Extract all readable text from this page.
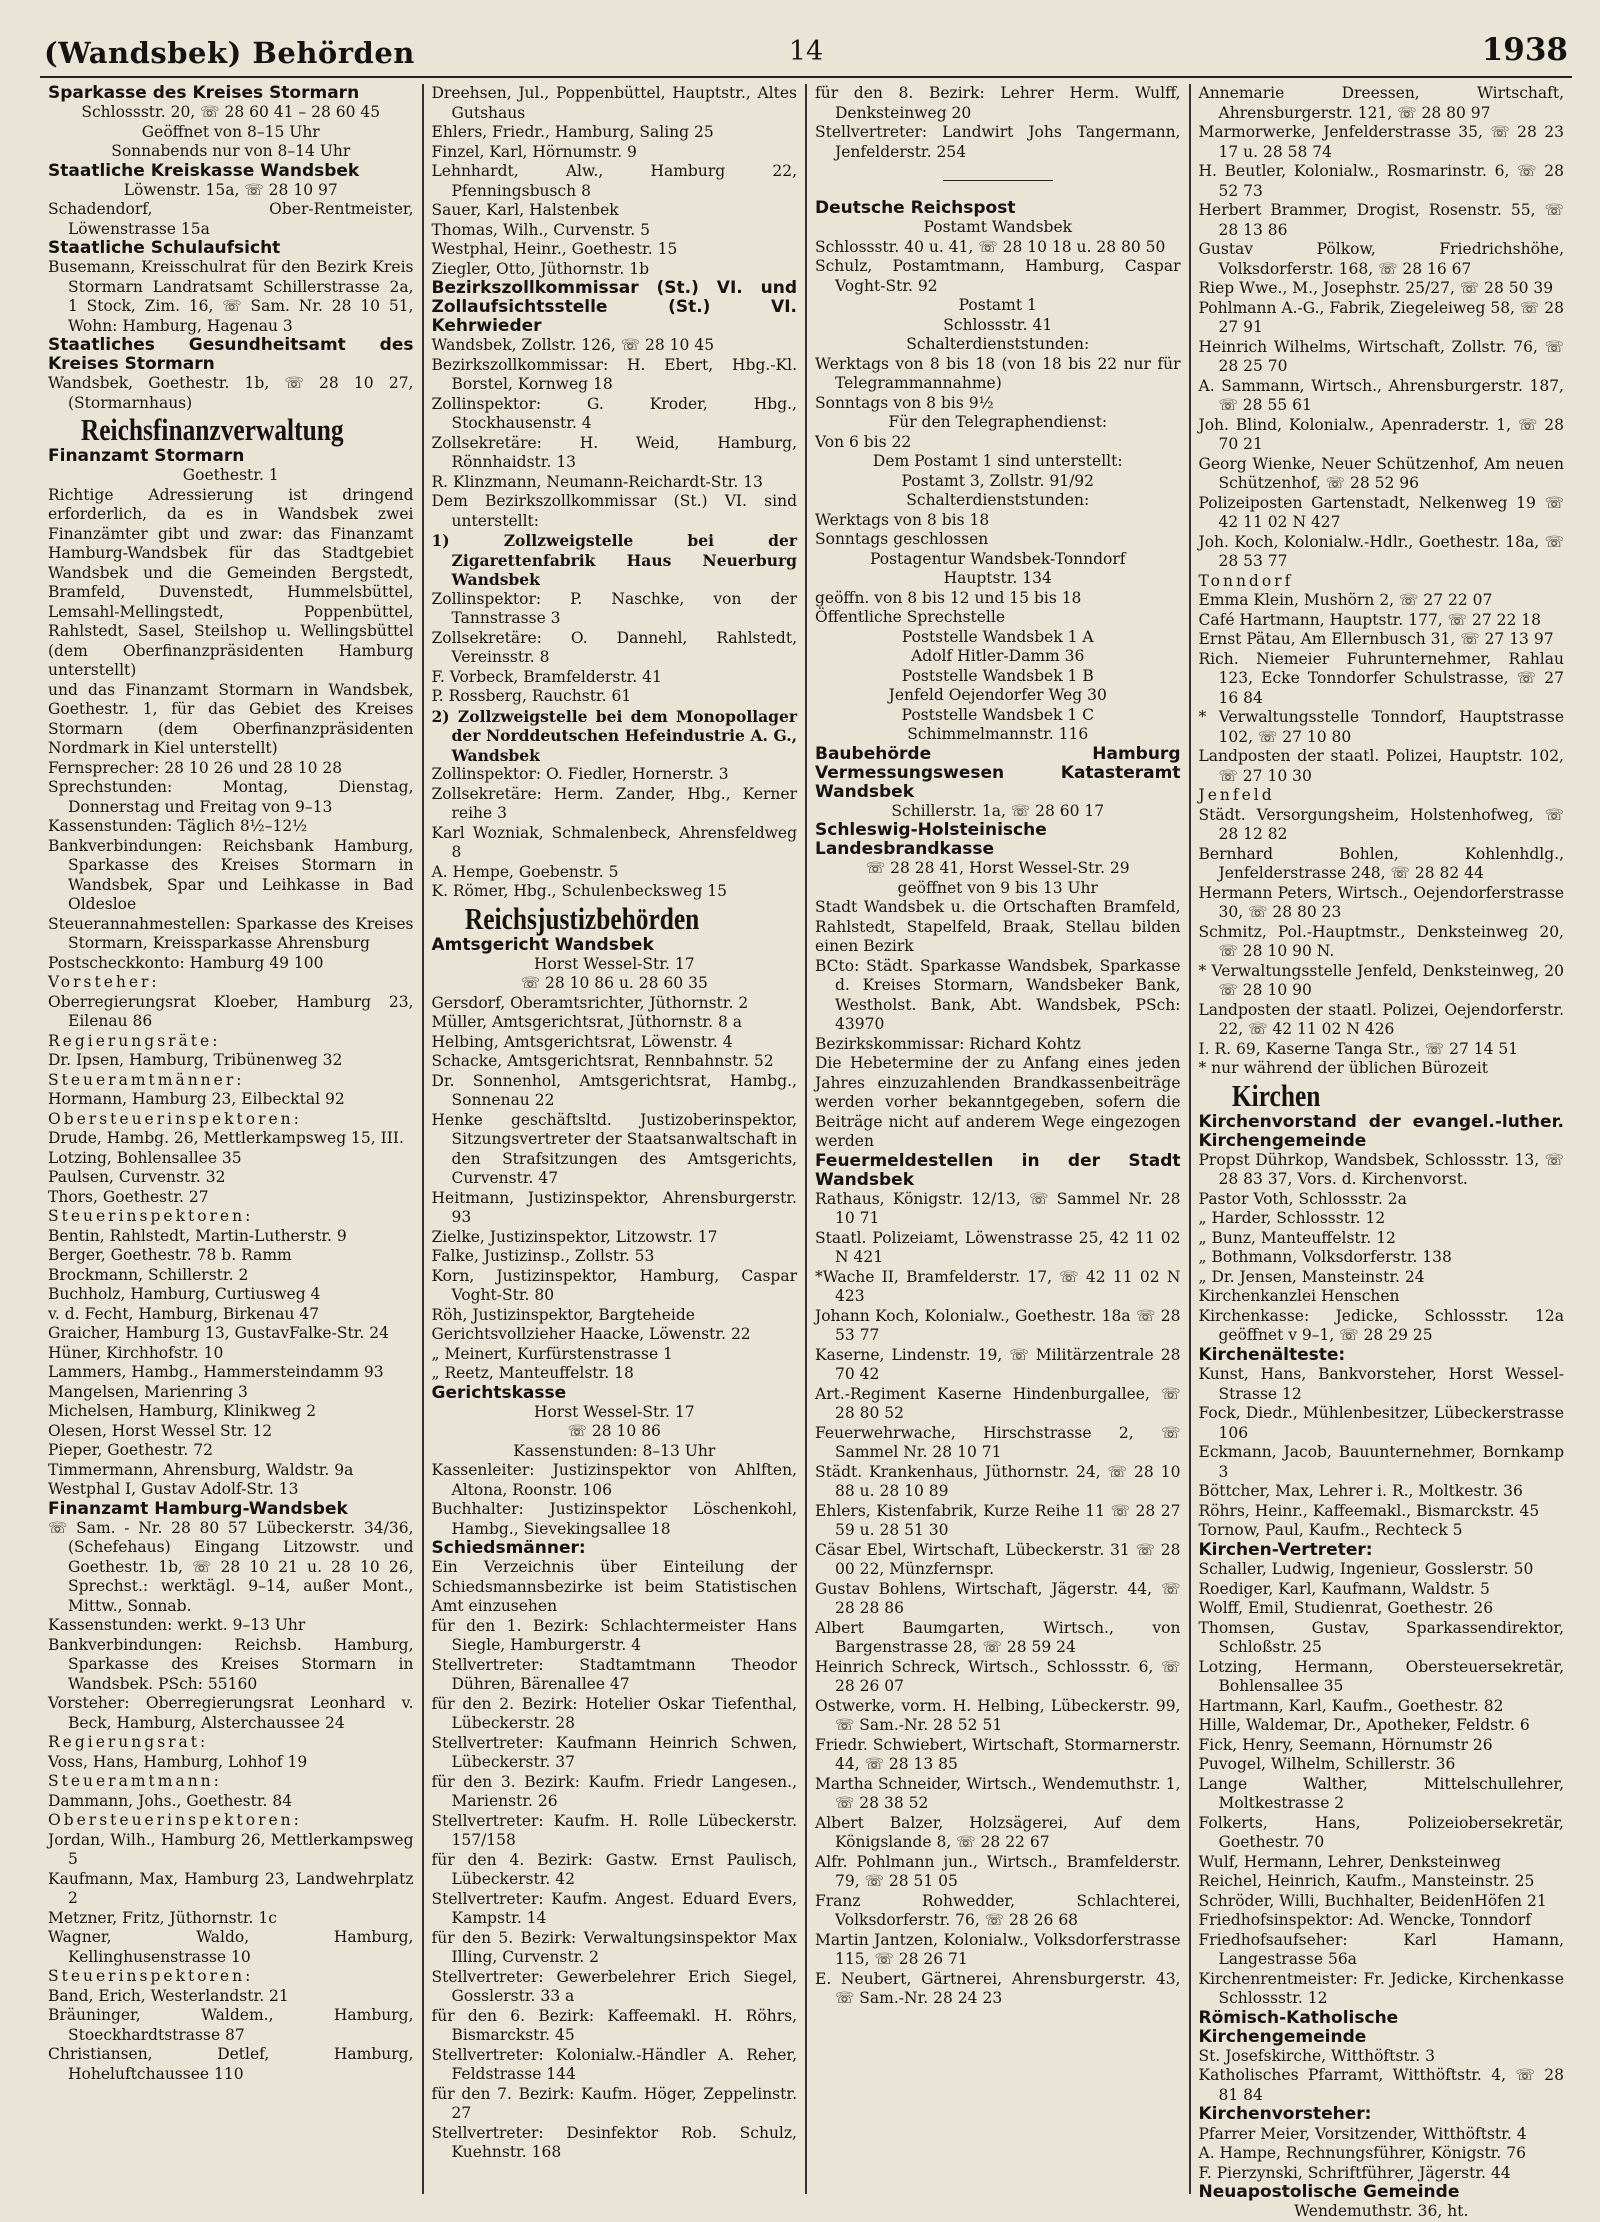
(Wandsbek) Behörden	14	1938

Sparkasse des Kreises Stormarn

Schlossstr. 20, ☏ 28 60 41 – 28 60 45

Geöffnet von 8–15 Uhr

Sonnabends nur von 8–14 Uhr

Staatliche Kreiskasse Wandsbek

Löwenstr. 15a, ☏ 28 10 97

Schadendorf, Ober-Rentmeister, Löwenstrasse 15a

Staatliche Schulaufsicht

Busemann, Kreisschulrat für den Bezirk Kreis Stormarn Landratsamt Schillerstrasse 2a, 1 Stock, Zim. 16, ☏ Sam. Nr. 28 10 51, Wohn: Hamburg, Hagenau 3

Staatliches Gesundheitsamt des Kreises Stormarn

Wandsbek, Goethestr. 1b, ☏ 28 10 27, (Stormarnhaus)

Reichsfinanzverwaltung

Finanzamt Stormarn

Goethestr. 1

Richtige Adressierung ist dringend erforderlich, da es in Wandsbek zwei Finanzämter gibt und zwar: das Finanzamt Hamburg-Wandsbek für das Stadtgebiet Wandsbek und die Gemeinden Bergstedt, Bramfeld, Duvenstedt, Hummelsbüttel, Lemsahl-Mellingstedt, Poppenbüttel, Rahlstedt, Sasel, Steilshop u. Wellingsbüttel (dem Oberfinanzpräsidenten Hamburg unterstellt)

und das Finanzamt Stormarn in Wandsbek, Goethestr. 1, für das Gebiet des Kreises Stormarn (dem Oberfinanzpräsidenten Nordmark in Kiel unterstellt)

Fernsprecher: 28 10 26 und 28 10 28

Sprechstunden: Montag, Dienstag, Donnerstag und Freitag von 9–13

Kassenstunden: Täglich 8½–12½

Bankverbindungen: Reichsbank Hamburg, Sparkasse des Kreises Stormarn in Wandsbek, Spar und Leihkasse in Bad Oldesloe

Steuerannahmestellen: Sparkasse des Kreises Stormarn, Kreissparkasse Ahrensburg

Postscheckkonto: Hamburg 49 100

Vorsteher:

Oberregierungsrat Kloeber, Hamburg 23, Eilenau 86

Regierungsräte:

Dr. Ipsen, Hamburg, Tribünenweg 32

Steueramtmänner:

Hormann, Hamburg 23, Eilbecktal 92

Obersteuerinspektoren:

Drude, Hambg. 26, Mettlerkampsweg 15, III.

Lotzing, Bohlensallee 35

Paulsen, Curvenstr. 32

Thors, Goethestr. 27

Steuerinspektoren:

Bentin, Rahlstedt, Martin-Lutherstr. 9

Berger, Goethestr. 78 b. Ramm

Brockmann, Schillerstr. 2

Buchholz, Hamburg, Curtiusweg 4

v. d. Fecht, Hamburg, Birkenau 47

Graicher, Hamburg 13, GustavFalke-Str. 24

Hüner, Kirchhofstr. 10

Lammers, Hambg., Hammersteindamm 93

Mangelsen, Marienring 3

Michelsen, Hamburg, Klinikweg 2

Olesen, Horst Wessel Str. 12

Pieper, Goethestr. 72

Timmermann, Ahrensburg, Waldstr. 9a

Westphal I, Gustav Adolf-Str. 13

Finanzamt Hamburg-Wandsbek

☏ Sam. - Nr. 28 80 57 Lübeckerstr. 34/36, (Schefehaus) Eingang Litzowstr. und Goethestr. 1b, ☏ 28 10 21 u. 28 10 26, Sprechst.: werktägl. 9–14, außer Mont., Mittw., Sonnab.

Kassenstunden: werkt. 9–13 Uhr

Bankverbindungen: Reichsb. Hamburg, Sparkasse des Kreises Stormarn in Wandsbek. PSch: 55160

Vorsteher: Oberregierungsrat Leonhard v. Beck, Hamburg, Alsterchaussee 24

Regierungsrat:

Voss, Hans, Hamburg, Lohhof 19

Steueramtmann:

Dammann, Johs., Goethestr. 84

Obersteuerinspektoren:

Jordan, Wilh., Hamburg 26, Mettlerkampsweg 5

Kaufmann, Max, Hamburg 23, Landwehrplatz 2

Metzner, Fritz, Jüthornstr. 1c

Wagner, Waldo, Hamburg, Kellinghusenstrasse 10

Steuerinspektoren:

Band, Erich, Westerlandstr. 21

Bräuninger, Waldem., Hamburg, Stoeckhardtstrasse 87

Christiansen, Detlef, Hamburg, Hoheluftchaussee 110

Dreehsen, Jul., Poppenbüttel, Hauptstr., Altes Gutshaus

Ehlers, Friedr., Hamburg, Saling 25

Finzel, Karl, Hörnumstr. 9

Lehnhardt, Alw., Hamburg 22, Pfenningsbusch 8

Sauer, Karl, Halstenbek

Thomas, Wilh., Curvenstr. 5

Westphal, Heinr., Goethestr. 15

Ziegler, Otto, Jüthornstr. 1b

Bezirkszollkommissar (St.) VI. und Zollaufsichtsstelle (St.) VI. Kehrwieder

Wandsbek, Zollstr. 126, ☏ 28 10 45

Bezirkszollkommissar: H. Ebert, Hbg.-Kl. Borstel, Kornweg 18

Zollinspektor: G. Kroder, Hbg., Stockhausenstr. 4

Zollsekretäre: H. Weid, Hamburg, Rönnhaidstr. 13

R. Klinzmann, Neumann-Reichardt-Str. 13

Dem Bezirkszollkommissar (St.) VI. sind unterstellt:

1) Zollzweigstelle bei der Zigarettenfabrik Haus Neuerburg Wandsbek

Zollinspektor: P. Naschke, von der Tannstrasse 3

Zollsekretäre: O. Dannehl, Rahlstedt, Vereinsstr. 8

F. Vorbeck, Bramfelderstr. 41

P. Rossberg, Rauchstr. 61

2) Zollzweigstelle bei dem Monopollager der Norddeutschen Hefeindustrie A. G., Wandsbek

Zollinspektor: O. Fiedler, Hornerstr. 3

Zollsekretäre: Herm. Zander, Hbg., Kerner reihe 3

Karl Wozniak, Schmalenbeck, Ahrensfeldweg 8

A. Hempe, Goebenstr. 5

K. Römer, Hbg., Schulenbecksweg 15

Reichsjustizbehörden

Amtsgericht Wandsbek

Horst Wessel-Str. 17

☏ 28 10 86 u. 28 60 35

Gersdorf, Oberamtsrichter, Jüthornstr. 2

Müller, Amtsgerichtsrat, Jüthornstr. 8 a

Helbing, Amtsgerichtsrat, Löwenstr. 4

Schacke, Amtsgerichtsrat, Rennbahnstr. 52

Dr. Sonnenhol, Amtsgerichtsrat, Hambg., Sonnenau 22

Henke geschäftsltd. Justizoberinspektor, Sitzungsvertreter der Staatsanwaltschaft in den Strafsitzungen des Amtsgerichts, Curvenstr. 47

Heitmann, Justizinspektor, Ahrensburgerstr. 93

Zielke, Justizinspektor, Litzowstr. 17

Falke, Justizinsp., Zollstr. 53

Korn, Justizinspektor, Hamburg, Caspar Voght-Str. 80

Röh, Justizinspektor, Bargteheide

Gerichtsvollzieher Haacke, Löwenstr. 22

„ Meinert, Kurfürstenstrasse 1

„ Reetz, Manteuffelstr. 18

Gerichtskasse

Horst Wessel-Str. 17

☏ 28 10 86

Kassenstunden: 8–13 Uhr

Kassenleiter: Justizinspektor von Ahlften, Altona, Roonstr. 106

Buchhalter: Justizinspektor Löschenkohl, Hambg., Sievekingsallee 18

Schiedsmänner:

Ein Verzeichnis über Einteilung der Schiedsmannsbezirke ist beim Statistischen Amt einzusehen

für den 1. Bezirk: Schlachtermeister Hans Siegle, Hamburgerstr. 4

Stellvertreter: Stadtamtmann Theodor Dühren, Bärenallee 47

für den 2. Bezirk: Hotelier Oskar Tiefenthal, Lübeckerstr. 28

Stellvertreter: Kaufmann Heinrich Schwen, Lübeckerstr. 37

für den 3. Bezirk: Kaufm. Friedr Langesen., Marienstr. 26

Stellvertreter: Kaufm. H. Rolle Lübeckerstr. 157/158

für den 4. Bezirk: Gastw. Ernst Paulisch, Lübeckerstr. 42

Stellvertreter: Kaufm. Angest. Eduard Evers, Kampstr. 14

für den 5. Bezirk: Verwaltungsinspektor Max Illing, Curvenstr. 2

Stellvertreter: Gewerbelehrer Erich Siegel, Gosslerstr. 33 a

für den 6. Bezirk: Kaffeemakl. H. Röhrs, Bismarckstr. 45

Stellvertreter: Kolonialw.-Händler A. Reher, Feldstrasse 144

für den 7. Bezirk: Kaufm. Höger, Zeppelinstr. 27

Stellvertreter: Desinfektor Rob. Schulz, Kuehnstr. 168

für den 8. Bezirk: Lehrer Herm. Wulff, Denksteinweg 20

Stellvertreter: Landwirt Johs Tangermann, Jenfelderstr. 254

Deutsche Reichspost

Postamt Wandsbek

Schlossstr. 40 u. 41, ☏ 28 10 18 u. 28 80 50

Schulz, Postamtmann, Hamburg, Caspar Voght-Str. 92

Postamt 1

Schlossstr. 41

Schalterdienststunden:

Werktags von 8 bis 18 (von 18 bis 22 nur für Telegrammannahme)

Sonntags von 8 bis 9½

Für den Telegraphendienst:

Von 6 bis 22

Dem Postamt 1 sind unterstellt:

Postamt 3, Zollstr. 91/92

Schalterdienststunden:

Werktags von 8 bis 18

Sonntags geschlossen

Postagentur Wandsbek-Tonndorf

Hauptstr. 134

geöffn. von 8 bis 12 und 15 bis 18

Öffentliche Sprechstelle

Poststelle Wandsbek 1 A

Adolf Hitler-Damm 36

Poststelle Wandsbek 1 B

Jenfeld Oejendorfer Weg 30

Poststelle Wandsbek 1 C

Schimmelmannstr. 116

Baubehörde Hamburg Vermessungswesen Katasteramt Wandsbek

Schillerstr. 1a, ☏ 28 60 17

Schleswig-Holsteinische Landesbrandkasse

☏ 28 28 41, Horst Wessel-Str. 29

geöffnet von 9 bis 13 Uhr

Stadt Wandsbek u. die Ortschaften Bramfeld, Rahlstedt, Stapelfeld, Braak, Stellau bilden einen Bezirk

BCto: Städt. Sparkasse Wandsbek, Sparkasse d. Kreises Stormarn, Wandsbeker Bank, Westholst. Bank, Abt. Wandsbek, PSch: 43970

Bezirkskommissar: Richard Kohtz

Die Hebetermine der zu Anfang eines jeden Jahres einzuzahlenden Brandkassenbeiträge werden vorher bekanntgegeben, sofern die Beiträge nicht auf anderem Wege eingezogen werden

Feuermeldestellen in der Stadt Wandsbek

Rathaus, Königstr. 12/13, ☏ Sammel Nr. 28 10 71

Staatl. Polizeiamt, Löwenstrasse 25, 42 11 02 N 421

*Wache II, Bramfelderstr. 17, ☏ 42 11 02 N 423

Johann Koch, Kolonialw., Goethestr. 18a ☏ 28 53 77

Kaserne, Lindenstr. 19, ☏ Militärzentrale 28 70 42

Art.-Regiment Kaserne Hindenburgallee, ☏ 28 80 52

Feuerwehrwache, Hirschstrasse 2, ☏ Sammel Nr. 28 10 71

Städt. Krankenhaus, Jüthornstr. 24, ☏ 28 10 88 u. 28 10 89

Ehlers, Kistenfabrik, Kurze Reihe 11 ☏ 28 27 59 u. 28 51 30

Cäsar Ebel, Wirtschaft, Lübeckerstr. 31 ☏ 28 00 22, Münzfernspr.

Gustav Bohlens, Wirtschaft, Jägerstr. 44, ☏ 28 28 86

Albert Baumgarten, Wirtsch., von Bargenstrasse 28, ☏ 28 59 24

Heinrich Schreck, Wirtsch., Schlossstr. 6, ☏ 28 26 07

Ostwerke, vorm. H. Helbing, Lübeckerstr. 99, ☏ Sam.-Nr. 28 52 51

Friedr. Schwiebert, Wirtschaft, Stormarnerstr. 44, ☏ 28 13 85

Martha Schneider, Wirtsch., Wendemuthstr. 1, ☏ 28 38 52

Albert Balzer, Holzsägerei, Auf dem Königslande 8, ☏ 28 22 67

Alfr. Pohlmann jun., Wirtsch., Bramfelderstr. 79, ☏ 28 51 05

Franz Rohwedder, Schlachterei, Volksdorferstr. 76, ☏ 28 26 68

Martin Jantzen, Kolonialw., Volksdorferstrasse 115, ☏ 28 26 71

E. Neubert, Gärtnerei, Ahrensburgerstr. 43, ☏ Sam.-Nr. 28 24 23

Annemarie Dreessen, Wirtschaft, Ahrensburgerstr. 121, ☏ 28 80 97

Marmorwerke, Jenfelderstrasse 35, ☏ 28 23 17 u. 28 58 74

H. Beutler, Kolonialw., Rosmarinstr. 6, ☏ 28 52 73

Herbert Brammer, Drogist, Rosenstr. 55, ☏ 28 13 86

Gustav Pölkow, Friedrichshöhe, Volksdorferstr. 168, ☏ 28 16 67

Riep Wwe., M., Josephstr. 25/27, ☏ 28 50 39

Pohlmann A.-G., Fabrik, Ziegeleiweg 58, ☏ 28 27 91

Heinrich Wilhelms, Wirtschaft, Zollstr. 76, ☏ 28 25 70

A. Sammann, Wirtsch., Ahrensburgerstr. 187, ☏ 28 55 61

Joh. Blind, Kolonialw., Apenraderstr. 1, ☏ 28 70 21

Georg Wienke, Neuer Schützenhof, Am neuen Schützenhof, ☏ 28 52 96

Polizeiposten Gartenstadt, Nelkenweg 19 ☏ 42 11 02 N 427

Joh. Koch, Kolonialw.-Hdlr., Goethestr. 18a, ☏ 28 53 77

Tonndorf

Emma Klein, Mushörn 2, ☏ 27 22 07

Café Hartmann, Hauptstr. 177, ☏ 27 22 18

Ernst Pätau, Am Ellernbusch 31, ☏ 27 13 97

Rich. Niemeier Fuhrunternehmer, Rahlau 123, Ecke Tonndorfer Schulstrasse, ☏ 27 16 84

* Verwaltungsstelle Tonndorf, Hauptstrasse 102, ☏ 27 10 80

Landposten der staatl. Polizei, Hauptstr. 102, ☏ 27 10 30

Jenfeld

Städt. Versorgungsheim, Holstenhofweg, ☏ 28 12 82

Bernhard Bohlen, Kohlenhdlg., Jenfelderstrasse 248, ☏ 28 82 44

Hermann Peters, Wirtsch., Oejendorferstrasse 30, ☏ 28 80 23

Schmitz, Pol.-Hauptmstr., Denksteinweg 20, ☏ 28 10 90 N.

* Verwaltungsstelle Jenfeld, Denksteinweg, 20 ☏ 28 10 90

Landposten der staatl. Polizei, Oejendorferstr. 22, ☏ 42 11 02 N 426

I. R. 69, Kaserne Tanga Str., ☏ 27 14 51

* nur während der üblichen Bürozeit

Kirchen

Kirchenvorstand der evangel.-luther. Kirchengemeinde

Propst Dührkop, Wandsbek, Schlossstr. 13, ☏ 28 83 37, Vors. d. Kirchenvorst.

Pastor Voth, Schlossstr. 2a

„ Harder, Schlossstr. 12

„ Bunz, Manteuffelstr. 12

„ Bothmann, Volksdorferstr. 138

„ Dr. Jensen, Mansteinstr. 24

Kirchenkanzlei Henschen

Kirchenkasse: Jedicke, Schlossstr. 12a geöffnet v 9–1, ☏ 28 29 25

Kirchenälteste:

Kunst, Hans, Bankvorsteher, Horst Wessel-Strasse 12

Fock, Diedr., Mühlenbesitzer, Lübeckerstrasse 106

Eckmann, Jacob, Bauunternehmer, Bornkamp 3

Böttcher, Max, Lehrer i. R., Moltkestr. 36

Röhrs, Heinr., Kaffeemakl., Bismarckstr. 45

Tornow, Paul, Kaufm., Rechteck 5

Kirchen-Vertreter:

Schaller, Ludwig, Ingenieur, Gosslerstr. 50

Roediger, Karl, Kaufmann, Waldstr. 5

Wolff, Emil, Studienrat, Goethestr. 26

Thomsen, Gustav, Sparkassendirektor, Schloßstr. 25

Lotzing, Hermann, Obersteuersekretär, Bohlensallee 35

Hartmann, Karl, Kaufm., Goethestr. 82

Hille, Waldemar, Dr., Apotheker, Feldstr. 6

Fick, Henry, Seemann, Hörnumstr 26

Puvogel, Wilhelm, Schillerstr. 36

Lange Walther, Mittelschullehrer, Moltkestrasse 2

Folkerts, Hans, Polizeiobersekretär, Goethestr. 70

Wulf, Hermann, Lehrer, Denksteinweg

Reichel, Heinrich, Kaufm., Mansteinstr. 25

Schröder, Willi, Buchhalter, BeidenHöfen 21

Friedhofsinspektor: Ad. Wencke, Tonndorf

Friedhofsaufseher: Karl Hamann, Langestrasse 56a

Kirchenrentmeister: Fr. Jedicke, Kirchenkasse Schlossstr. 12

Römisch-Katholische Kirchengemeinde

St. Josefskirche, Witthöftstr. 3

Katholisches Pfarramt, Witthöftstr. 4, ☏ 28 81 84

Kirchenvorsteher:

Pfarrer Meier, Vorsitzender, Witthöftstr. 4

A. Hampe, Rechnungsführer, Königstr. 76

F. Pierzynski, Schriftführer, Jägerstr. 44

Neuapostolische Gemeinde

Wendemuthstr. 36, ht.
